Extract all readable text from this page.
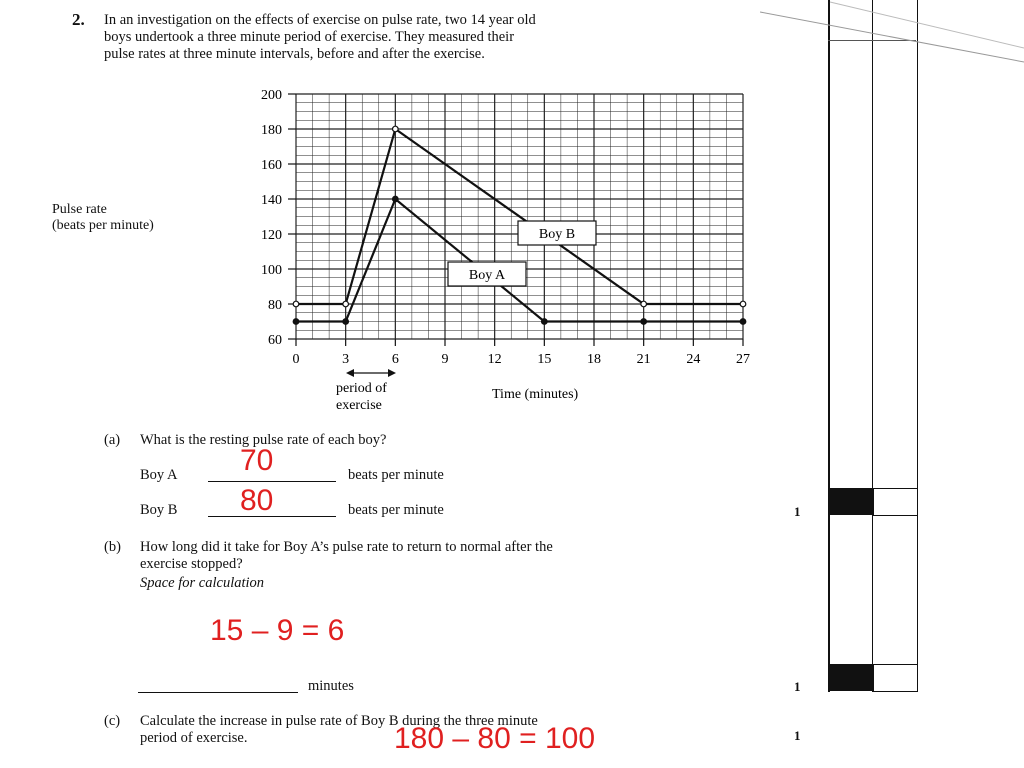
2. In an investigation on the effects of exercise on pulse rate, two 14 year old
boys undertook a three minute period of exercise. They measured their
pulse rates at three minute intervals, before and after the exercise.
Pulse rate
(beats per minute)
60
80
100
120
140
160
180
200
0	3	6	9	12	15	18	21	24	27
Boy B
Boy A
period of
exercise
Time (minutes)
(a) What is the resting pulse rate of each boy?
Boy A	beats per minute
70
Boy B	beats per minute
80	1
(b) How long did it take for Boy A’s pulse rate to return to normal after the
exercise stopped?
Space for calculation
15 – 9 = 6
minutes	1
(c) Calculate the increase in pulse rate of Boy B during the three minute
period of exercise.	180 – 80 = 100	1
